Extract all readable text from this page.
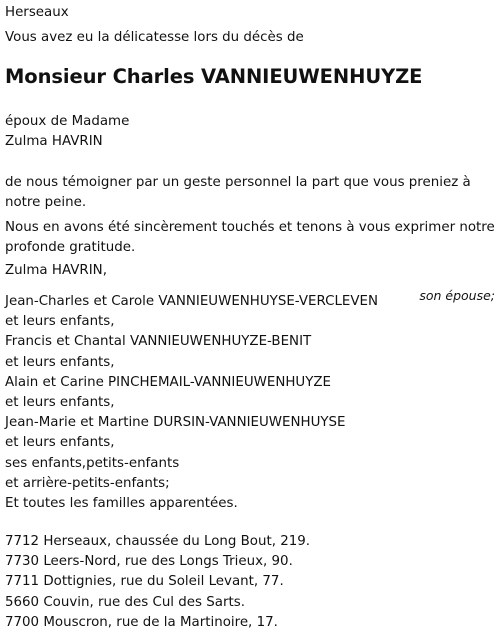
Herseaux

Vous avez eu la délicatesse lors du décès de

Monsieur Charles VANNIEUWENHUYZE

époux de Madame

Zulma HAVRIN

de nous témoigner par un geste personnel la part que vous preniez à notre peine.

Nous en avons été sincèrement touchés et tenons à vous exprimer notre profonde gratitude.

Zulma HAVRIN,

son épouse;

Jean-Charles et Carole VANNIEUWENHUYSE-VERCLEVEN

et leurs enfants,

Francis et Chantal VANNIEUWENHUYZE-BENIT

et leurs enfants,

Alain et Carine PINCHEMAIL-VANNIEUWENHUYZE

et leurs enfants,

Jean-Marie et Martine DURSIN-VANNIEUWENHUYSE

et leurs enfants,

ses enfants,petits-enfants

et arrière-petits-enfants;

Et toutes les familles apparentées.

7712 Herseaux, chaussée du Long Bout, 219.

7730 Leers-Nord, rue des Longs Trieux, 90.

7711 Dottignies, rue du Soleil Levant, 77.

5660 Couvin, rue des Cul des Sarts.

7700 Mouscron, rue de la Martinoire, 17.
